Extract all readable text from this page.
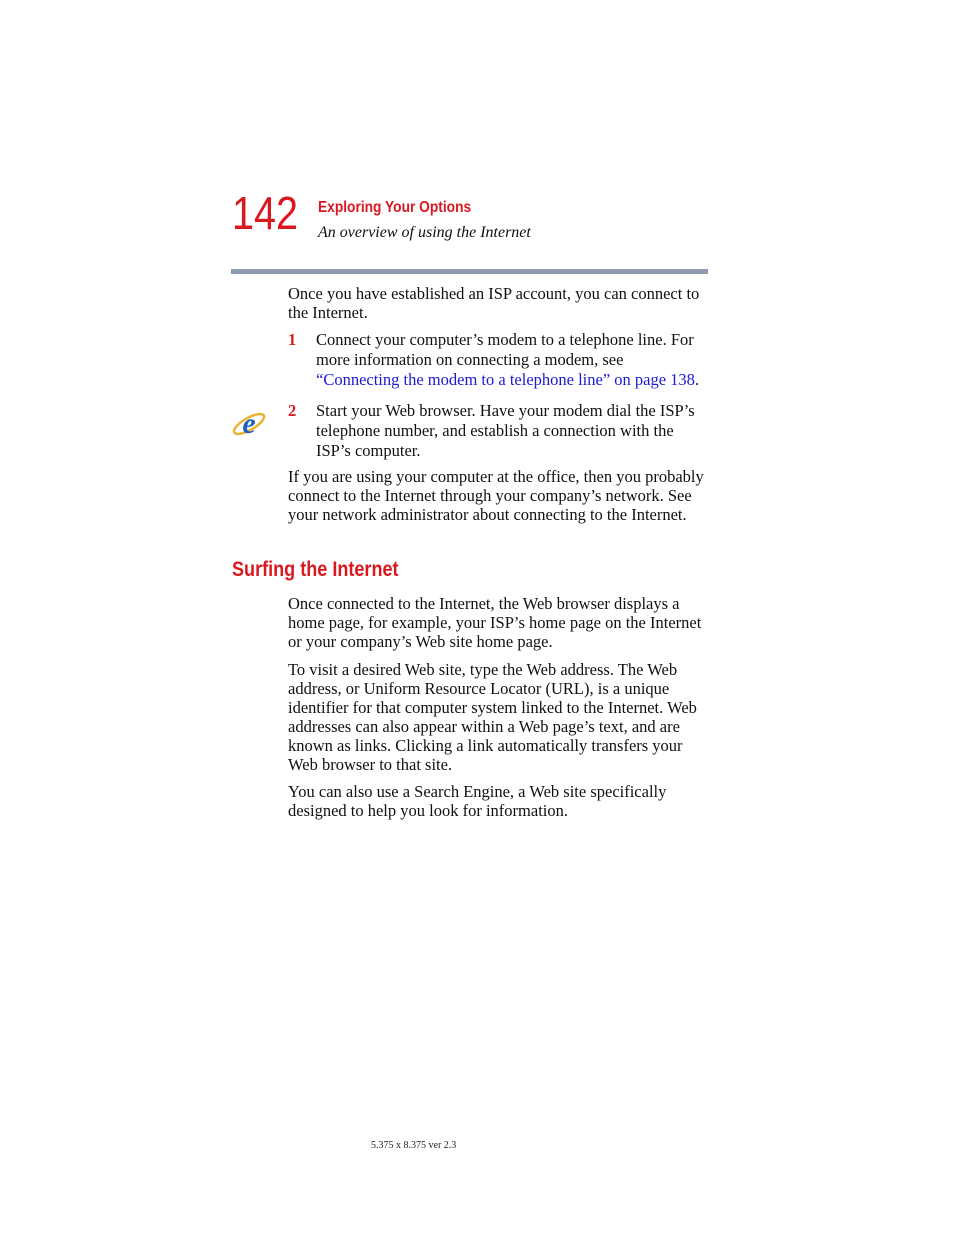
142 Exploring Your Options
An overview of using the Internet

Once you have established an ISP account, you can connect to the Internet.

1 Connect your computer’s modem to a telephone line. For more information on connecting a modem, see “Connecting the modem to a telephone line” on page 138.
e 2 Start your Web browser. Have your modem dial the ISP’s telephone number, and establish a connection with the ISP’s computer.

If you are using your computer at the office, then you probably connect to the Internet through your company’s network. See your network administrator about connecting to the Internet.

Surfing the Internet

Once connected to the Internet, the Web browser displays a home page, for example, your ISP’s home page on the Internet or your company’s Web site home page.

To visit a desired Web site, type the Web address. The Web address, or Uniform Resource Locator (URL), is a unique identifier for that computer system linked to the Internet. Web addresses can also appear within a Web page’s text, and are known as links. Clicking a link automatically transfers your Web browser to that site.

You can also use a Search Engine, a Web site specifically designed to help you look for information.

5.375 x 8.375 ver 2.3
